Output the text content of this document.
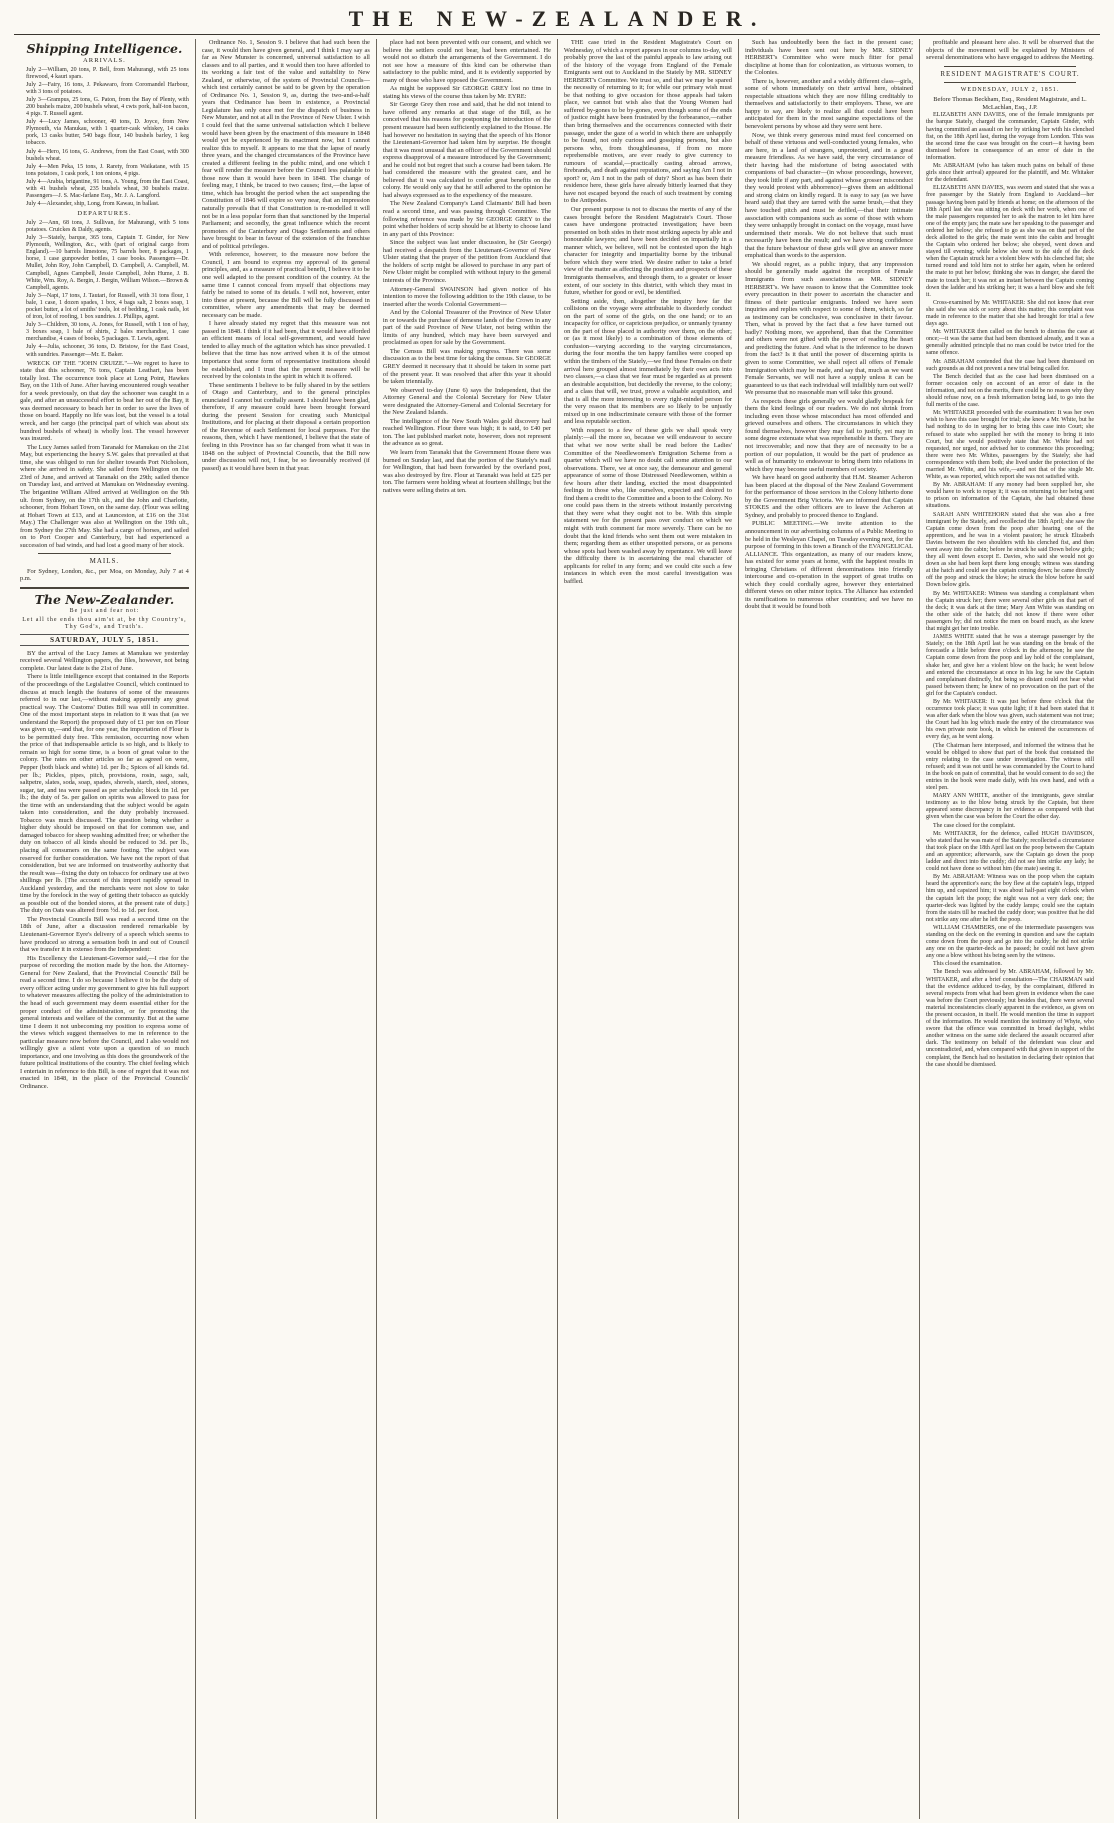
THE NEW-ZEALANDER.
Shipping Intelligence.
ARRIVALS.

July 2—William, 20 tons, P. Bell, from Mahurangi, with 25 tons firewood, 4 kauri spars.

July 2—Fairy, 16 tons, J. Pekawaro, from Coromandel Harbour, with 3 tons of potatoes.

July 3—Grampus, 25 tons, G. Paton, from the Bay of Plenty, with 200 bushels maize, 200 bushels wheat, 4 cwts pork, half-ton bacon, 4 pigs. T. Russell agent.

July 4—Lucy James, schooner, 40 tons, D. Joyce, from New Plymouth, via Manukau, with 1 quarter-cask whiskey, 14 casks pork, 13 casks butter, 540 bags flour, 140 bushels barley, 1 keg tobacco.

July 4—Hero, 16 tons, G. Andrews, from the East Coast, with 300 bushels wheat.

July 4—Men Peka, 15 tons, J. Rarety, from Waikatane, with 15 tons potatoes, 1 cask pork, 1 ton onions, 4 pigs.

July 4—Arabia, brigantine, 91 tons, A. Young, from the East Coast, with 41 bushels wheat, 235 bushels wheat, 30 bushels maize. Passengers—J. S. Mac-farlane Esq., Mr. J. A. Langford.

July 4—Alexander, ship, Long, from Kawau, in ballast.

DEPARTURES.

July 2—Ann, 68 tons, J. Sullivan, for Mahurangi, with 5 tons potatoes. Cruickes & Daldy, agents.

July 3—Stately, barque, 365 tons, Captain T. Ginder, for New Plymouth, Wellington, &c., with (part of original cargo from England).—10 barrels limestone, 75 barrels beer, 8 packages, 1 horse, 1 case gunpowder bottles, 1 case books. Passengers—Dr. Mullet, John Roy, John Campbell, D. Campbell, A. Campbell, M. Campbell, Agnes Campbell, Jessie Campbell, John Hume, J. B. White, Wm. Roy, A. Bergin, J. Bergin, William Wilson.—Brown & Campbell, agents.

July 3—Napi, 17 tons, J. Tautari, for Russell, with 31 tons flour, 1 bale, 1 case, 1 dozen spades, 1 box, 4 bags salt, 2 boxes soap, 1 pocket butter, a lot of smiths' tools, lot of bedding, 1 cask nails, lot of iron, lot of roofing, 1 box sundries. J. Phillips, agent.

July 3—Children, 30 tons, A. Jones, for Russell, with 1 ton of hay, 3 boxes soap, 1 bale of shirts, 2 bales merchandise, 1 case merchandise, 4 cases of books, 5 packages. T. Lewis, agent.

July 4—Julia, schooner, 36 tons, D. Bristow, for the East Coast, with sundries. Passenger—Mr. E. Baker.

WRECK OF THE "JOHN CRUIZE."—We regret to have to state that this schooner, 76 tons, Captain Leathart, has been totally lost. The occurrence took place at Long Point, Hawkes Bay, on the 11th of June. After having encountered rough weather for a week previously, on that day the schooner was caught in a gale, and after an unsuccessful effort to beat her out of the Bay, it was deemed necessary to beach her in order to save the lives of those on board. Happily no life was lost, but the vessel is a total wreck, and her cargo (the principal part of which was about six hundred bushels of wheat) is wholly lost. The vessel however was insured.

The Lucy James sailed from Taranaki for Manukau on the 21st May, but experiencing the heavy S.W. gales that prevailed at that time, she was obliged to run for shelter towards Port Nicholson, where she arrived in safety. She sailed from Wellington on the 23rd of June, and arrived at Taranaki on the 29th; sailed thence on Tuesday last, and arrived at Manukau on Wednesday evening. The brigantine William Alfred arrived at Wellington on the 9th ult. from Sydney, on the 17th ult., and the John and Charlotte, schooner, from Hobart Town, on the same day. (Flour was selling at Hobart Town at £13, and at Launceston, at £16 on the 31st May.) The Challenger was also at Wellington on the 19th ult., from Sydney the 27th May. She had a cargo of horses, and sailed on to Port Cooper and Canterbury, but had experienced a succession of bad winds, and had lost a good many of her stock.

MAILS.

For Sydney, London, &c., per Moa, on Monday, July 7 at 4 p.m.

The New-Zealander.
Be just and fear not:
Let all the ends thou aim'st at, be thy Country's, Thy God's, and Truth's.
SATURDAY, JULY 5, 1851.

BY the arrival of the Lucy James at Manukau we yesterday received several Wellington papers, the files, however, not being complete. Our latest date is the 21st of June.

There is little intelligence except that contained in the Reports of the proceedings of the Legislative Council, which continued to discuss at much length the features of some of the measures referred to in our last,—without making apparently any great practical way. The Customs' Duties Bill was still in committee. One of the most important steps in relation to it was that (as we understand the Report) the proposed duty of £1 per ton on Flour was given up,—and that, for one year, the importation of Flour is to be permitted duty free. This remission, occurring now when the price of that indispensable article is so high, and is likely to remain so high for some time, is a boon of great value to the colony. The rates on other articles so far as agreed on were, Pepper (both black and white) 1d. per lb.; Spices of all kinds 6d. per lb.; Pickles, pipes, pitch, provisions, rosin, sago, salt, saltpetre, slates, soda, soap, spades, shovels, starch, steel, stones, sugar, tar, and tea were passed as per schedule; block tin 1d. per lb.; the duty of 5s. per gallon on spirits was allowed to pass for the time with an understanding that the subject would be again taken into consideration, and the duty probably increased. Tobacco was much discussed. The question being whether a higher duty should be imposed on that for common use, and damaged tobacco for sheep washing admitted free; or whether the duty on tobacco of all kinds should be reduced to 3d. per lb., placing all consumers on the same footing. The subject was reserved for further consideration. We have not the report of that consideration, but we are informed on trustworthy authority that the result was—fixing the duty on tobacco for ordinary use at two shillings per lb. [The account of this import rapidly spread in Auckland yesterday, and the merchants were not slow to take time by the forelock in the way of getting their tobacco as quickly as possible out of the bonded stores, at the present rate of duty.] The duty on Oats was altered from ½d. to 1d. per foot.

The Provincial Councils Bill was read a second time on the 18th of June, after a discussion rendered remarkable by Lieutenant-Governor Eyre's delivery of a speech which seems to have produced so strong a sensation both in and out of Council that we transfer it in extenso from the Independent:

His Excellency the Lieutenant-Governor said,—I rise for the purpose of recording the motion made by the hon. the Attorney-General for New Zealand, that the Provincial Councils' Bill be read a second time. I do so because I believe it to be the duty of every officer acting under my government to give his full support to whatever measures affecting the policy of the administration to the head of such government may deem essential either for the proper conduct of the administration, or for promoting the general interests and welfare of the community. But at the same time I deem it not unbecoming my position to express some of the views which suggest themselves to me in reference to the particular measure now before the Council, and I also would not willingly give a silent vote upon a question of so much importance, and one involving as this does the groundwork of the future political institutions of the country. The chief feeling which I entertain in reference to this Bill, is one of regret that it was not enacted in 1848, in the place of the Provincial Councils' Ordinance.

Ordinance No. 1, Session 9. I believe that had such been the case, it would then have given general, and I think I may say as far as New Munster is concerned, universal satisfaction to all classes and to all parties, and it would then too have afforded to its working a fair test of the value and suitability to New Zealand, or otherwise, of the system of Provincial Councils—which test certainly cannot be said to be given by the operation of Ordinance No. 1, Session 9, as, during the two-and-a-half years that Ordinance has been in existence, a Provincial Legislature has only once met for the dispatch of business in New Munster, and not at all in the Province of New Ulster. I wish I could feel that the same universal satisfaction which I believe would have been given by the enactment of this measure in 1848 would yet be experienced by its enactment now, but I cannot realize this to myself. It appears to me that the lapse of nearly three years, and the changed circumstances of the Province have created a different feeling in the public mind, and one which I fear will render the measure before the Council less palatable to those now than it would have been in 1848. The change of feeling may, I think, be traced to two causes; first,—the lapse of time, which has brought the period when the act suspending the Constitution of 1846 will expire so very near, that an impression naturally prevails that if that Constitution is re-modelled it will not be in a less popular form than that sanctioned by the Imperial Parliament; and secondly, the great influence which the recent promoters of the Canterbury and Otago Settlements and others have brought to bear in favour of the extension of the franchise and of political privileges.

With reference, however, to the measure now before the Council, I am bound to express my approval of its general principles, and, as a measure of practical benefit, I believe it to be one well adapted to the present condition of the country. At the same time I cannot conceal from myself that objections may fairly be raised to some of its details. I will not, however, enter into these at present, because the Bill will be fully discussed in committee, where any amendments that may be deemed necessary can be made.

I have already stated my regret that this measure was not passed in 1848. I think if it had been, that it would have afforded an efficient means of local self-government, and would have tended to allay much of the agitation which has since prevailed. I believe that the time has now arrived when it is of the utmost importance that some form of representative institutions should be established, and I trust that the present measure will be received by the colonists in the spirit in which it is offered.

These sentiments I believe to be fully shared in by the settlers of Otago and Canterbury, and to the general principles enunciated I cannot but cordially assent. I should have been glad, therefore, if any measure could have been brought forward during the present Session for creating such Municipal Institutions, and for placing at their disposal a certain proportion of the Revenue of each Settlement for local purposes. For the reasons, then, which I have mentioned, I believe that the state of feeling in this Province has so far changed from what it was in 1848 on the subject of Provincial Councils, that the Bill now under discussion will not, I fear, be so favourably received (if passed) as it would have been in that year.

place had not been prevented with our consent, and which we believe the settlers could not bear, had been entertained. He would not so disturb the arrangements of the Government. I do not see how a measure of this kind can be otherwise than satisfactory to the public mind, and it is evidently supported by many of those who have opposed the Government.

As might be supposed Sir GEORGE GREY lost no time in stating his views of the course thus taken by Mr. EYRE:

Sir George Grey then rose and said, that he did not intend to have offered any remarks at that stage of the Bill, as he conceived that his reasons for postponing the introduction of the present measure had been sufficiently explained to the House. He had however no hesitation in saying that the speech of his Honor the Lieutenant-Governor had taken him by surprise. He thought that it was most unusual that an officer of the Government should express disapproval of a measure introduced by the Government; and he could not but regret that such a course had been taken. He had considered the measure with the greatest care, and he believed that it was calculated to confer great benefits on the colony. He would only say that he still adhered to the opinion he had always expressed as to the expediency of the measure.

The New Zealand Company's Land Claimants' Bill had been read a second time, and was passing through Committee. The following reference was made by Sir GEORGE GREY to the point whether holders of scrip should be at liberty to choose land in any part of this Province:

Since the subject was last under discussion, he (Sir George) had received a despatch from the Lieutenant-Governor of New Ulster stating that the prayer of the petition from Auckland that the holders of scrip might be allowed to purchase in any part of New Ulster might be complied with without injury to the general interests of the Province.

Attorney-General SWAINSON had given notice of his intention to move the following addition to the 19th clause, to be inserted after the words Colonial Government—

And by the Colonial Treasurer of the Province of New Ulster in or towards the purchase of demesne lands of the Crown in any part of the said Province of New Ulster, not being within the limits of any hundred, which may have been surveyed and proclaimed as open for sale by the Government.

The Census Bill was making progress. There was some discussion as to the best time for taking the census. Sir GEORGE GREY deemed it necessary that it should be taken in some part of the present year. It was resolved that after this year it should be taken triennially.

We observed to-day (June 6) says the Independent, that the Attorney General and the Colonial Secretary for New Ulster were designated the Attorney-General and Colonial Secretary for the New Zealand Islands.

The intelligence of the New South Wales gold discovery had reached Wellington. Flour there was high; it is said, to £40 per ton. The last published market note, however, does not represent the advance as so great.

We learn from Taranaki that the Government House there was burned on Sunday last, and that the portion of the Stately's mail for Wellington, that had been forwarded by the overland post, was also destroyed by fire. Flour at Taranaki was held at £25 per ton. The farmers were holding wheat at fourteen shillings; but the natives were selling theirs at ten.

THE case tried in the Resident Magistrate's Court on Wednesday, of which a report appears in our columns to-day, will probably prove the last of the painful appeals to law arising out of the history of the voyage from England of the Female Emigrants sent out to Auckland in the Stately by MR. SIDNEY HERBERT's Committee. We trust so, and that we may be spared the necessity of returning to it; for while our primary wish must be that nothing to give occasion for those appeals had taken place, we cannot but wish also that the Young Women had suffered by-gones to be by-gones, even though some of the ends of justice might have been frustrated by the forbearance,—rather than bring themselves and the occurrences connected with their passage, under the gaze of a world in which there are unhappily to be found, not only curious and gossiping persons, but also persons who, from thoughtlessness, if from no more reprehensible motives, are ever ready to give currency to rumours of scandal,—practically casting abroad arrows, firebrands, and death against reputations, and saying Am I not in sport? or, Am I not in the path of duty? Short as has been their residence here, these girls have already bitterly learned that they have not escaped beyond the reach of such treatment by coming to the Antipodes.

Our present purpose is not to discuss the merits of any of the cases brought before the Resident Magistrate's Court. Those cases have undergone protracted investigation; have been presented on both sides in their most striking aspects by able and honourable lawyers; and have been decided on impartially in a manner which, we believe, will not be contested upon the high character for integrity and impartiality borne by the tribunal before which they were tried. We desire rather to take a brief view of the matter as affecting the position and prospects of these Immigrants themselves, and through them, to a greater or lesser extent, of our society in this district, with which they must in future, whether for good or evil, be identified.

Setting aside, then, altogether the inquiry how far the collisions on the voyage were attributable to disorderly conduct on the part of some of the girls, on the one hand; or to an incapacity for office, or capricious prejudice, or unmanly tyranny on the part of those placed in authority over them, on the other; or (as it most likely) to a combination of those elements of confusion—varying according to the varying circumstances, during the four months the ten happy families were cooped up within the timbers of the Stately,—we find these Females on their arrival here grouped almost immediately by their own acts into two classes,—a class that we fear must be regarded as at present an desirable acquisition, but decidedly the reverse, to the colony; and a class that will, we trust, prove a valuable acquisition, and that is all the more interesting to every right-minded person for the very reason that its members are so likely to be unjustly mixed up in one indiscriminate censure with those of the former and less reputable section.

With respect to a few of these girls we shall speak very plainly:—all the more so, because we will endeavour to secure that what we now write shall be read before the Ladies' Committee of the Needlewomen's Emigration Scheme from a quarter which will we have no doubt call some attention to our observations. There, we at once say, the demeanour and general appearance of some of those Distressed Needlewomen, within a few hours after their landing, excited the most disappointed feelings in those who, like ourselves, expected and desired to find them a credit to the Committee and a boon to the Colony. No one could pass them in the streets without instantly perceiving that they were what they ought not to be. With this simple statement we for the present pass over conduct on which we might with truth comment far more severely. There can be no doubt that the kind friends who sent them out were mistaken in them; regarding them as either unspotted persons, or as persons whose spots had been washed away by repentance. We will leave the difficulty there is in ascertaining the real character of applicants for relief in any form; and we could cite such a few instances in which even the most careful investigation was baffled.

Such has undoubtedly been the fact in the present case; individuals have been sent out here by MR. SIDNEY HERBERT's Committee who were much fitter for penal discipline at home than for colonization, as virtuous women, to the Colonies.

There is, however, another and a widely different class—girls, some of whom immediately on their arrival here, obtained respectable situations which they are now filling creditably to themselves and satisfactorily to their employers. These, we are happy to say, are likely to realize all that could have been anticipated for them in the most sanguine expectations of the benevolent persons by whose aid they were sent here.

Now, we think every generous mind must feel concerned on behalf of these virtuous and well-conducted young females, who are here, in a land of strangers, unprotected, and in a great measure friendless. As we have said, the very circumstance of their having had the misfortune of being associated with companions of bad character—(in whose proceedings, however, they took little if any part, and against whose grosser misconduct they would protest with abhorrence)—gives them an additional and strong claim on kindly regard. It is easy to say (as we have heard said) that they are tarred with the same brush,—that they have touched pitch and must be defiled,—that their intimate association with companions such as some of those with whom they were unhappily brought in contact on the voyage, must have undermined their morals. We do not believe that such must necessarily have been the result; and we have strong confidence that the future behaviour of these girls will give an answer more emphatical than words to the aspersion.

We should regret, as a public injury, that any impression should be generally made against the reception of Female Immigrants from such associations as MR. SIDNEY HERBERT's. We have reason to know that the Committee took every precaution in their power to ascertain the character and fitness of their particular emigrants. Indeed we have seen inquiries and replies with respect to some of them, which, so far as testimony can be conclusive, was conclusive in their favour. Then, what is proved by the fact that a few have turned out badly? Nothing more, we apprehend, than that the Committee and others were not gifted with the power of reading the heart and predicting the future. And what is the inference to be drawn from the fact? Is it that until the power of discerning spirits is given to some Committee, we shall reject all offers of Female Immigration which may be made, and say that, much as we want Female Servants, we will not have a supply unless it can be guaranteed to us that each individual will infallibly turn out well? We presume that no reasonable man will take this ground.

As respects these girls generally we would gladly bespeak for them the kind feelings of our readers. We do not shrink from including even those whose misconduct has most offended and grieved ourselves and others. The circumstances in which they found themselves, however they may fail to justify, yet may in some degree extenuate what was reprehensible in them. They are not irrecoverable; and now that they are of necessity to be a portion of our population, it would be the part of prudence as well as of humanity to endeavour to bring them into relations in which they may become useful members of society.

We have heard on good authority that H.M. Steamer Acheron has been placed at the disposal of the New Zealand Government for the performance of those services in the Colony hitherto done by the Government Brig Victoria. We are informed that Captain STOKES and the other officers are to leave the Acheron at Sydney, and probably to proceed thence to England.

PUBLIC MEETING.—We invite attention to the announcement in our advertising columns of a Public Meeting to be held in the Wesleyan Chapel, on Tuesday evening next, for the purpose of forming in this town a Branch of the EVANGELICAL ALLIANCE. This organization, as many of our readers know, has existed for some years at home, with the happiest results in bringing Christians of different denominations into friendly intercourse and co-operation in the support of great truths on which they could cordially agree, however they entertained different views on other minor topics. The Alliance has extended its ramifications to numerous other countries; and we have no doubt that it would be found both

profitable and pleasant here also. It will be observed that the objects of the movement will be explained by Ministers of several denominations who have engaged to address the Meeting.

RESIDENT MAGISTRATE'S COURT.
WEDNESDAY, JULY 2, 1851.

Before Thomas Beckham, Esq., Resident Magistrate, and L. McLachlan, Esq., J.P.

ELIZABETH ANN DAVIES, one of the female immigrants per the barque Stately, charged the commander, Captain Ginder, with having committed an assault on her by striking her with his clenched fist, on the 18th April last, during the voyage from London. This was the second time the case was brought on the court—it having been dismissed before in consequence of an error of date in the information.

Mr. ABRAHAM (who has taken much pains on behalf of these girls since their arrival) appeared for the plaintiff, and Mr. Whitaker for the defendant.

ELIZABETH ANN DAVIES, was sworn and stated that she was a free passenger by the Stately from England to Auckland—her passage having been paid by friends at home; on the afternoon of the 18th April last she was sitting on deck with her work, when one of the male passengers requested her to ask the matron to let him have one of the empty jars; the mate saw her speaking to the passenger and ordered her below; she refused to go as she was on that part of the deck allotted to the girls; the mate went into the cabin and brought the Captain who ordered her below; she obeyed, went down and stayed till evening; while below she went to the side of the deck when the Captain struck her a violent blow with his clenched fist; she turned round and told him not to strike her again, when he ordered the mate to put her below; thinking she was in danger, she dared the mate to touch her; it was not an instant between the Captain coming down the ladder and his striking her; it was a hard blow and she felt it.

Cross-examined by Mr. WHITAKER: She did not know that ever she said she was sick or sorry about this matter; this complaint was made in reference to the matter that she had brought for trial a few days ago.

Mr. WHITAKER then called on the bench to dismiss the case at once;—it was the same that had been dismissed already, and it was a generally admitted principle that no man could be twice tried for the same offence.

Mr. ABRAHAM contended that the case had been dismissed on such grounds as did not prevent a new trial being called for.

The Bench decided that as the case had been dismissed on a former occasion only on account of an error of date in the information, and not on the merits, there could be no reason why they should refuse now, on a fresh information being laid, to go into the full merits of the case.

Mr. WHITAKER proceeded with the examination: It was her own wish to have this case brought for trial; she knew a Mr. White, but he had nothing to do in urging her to bring this case into Court; she refused to state who supplied her with the money to bring it into Court, but she would positively state that Mr. White had not requested, nor urged, nor advised her to commence this proceeding; there were two Mr. Whites, passengers by the Stately; she had correspondence with them both; she lived under the protection of the married Mr. White, and his wife,—and not that of the single Mr. White, as was reported, which report she was not satisfied with.

By Mr. ABRAHAM: If any money had been supplied her, she would have to work to repay it; it was on returning to her being sent to prison on information of the Captain, she had obtained these situations.

SARAH ANN WHITEHORN stated that she was also a free immigrant by the Stately, and recollected the 18th April; she saw the Captain come down from the poop after hearing one of the apprentices, and he was in a violent passion; he struck Elizabeth Davies between the two shoulders with his clenched fist, and then went away into the cabin; before he struck he said Down below girls; they all went down except E. Davies, who said she would not go down as she had been kept there long enough; witness was standing at the hatch and could see the captain coming down; he came directly off the poop and struck the blow; he struck the blow before he said Down below girls.

By Mr. WHITAKER: Witness was standing a complainant when the Captain struck her; there were several other girls on that part of the deck; it was dark at the time; Mary Ann White was standing on the other side of the hatch; did not know if there were other passengers by; did not notice the men on board much, as she knew that might get her into trouble.

JAMES WHITE stated that he was a steerage passenger by the Stately; on the 18th April last he was standing on the break of the forecastle a little before three o'clock in the afternoon; he saw the Captain come down from the poop and lay hold of the complainant, shake her, and give her a violent blow on the back; he went below and entered the circumstance at once in his log; he saw the Captain and complainant distinctly, but being so distant could not hear what passed between them; he knew of no provocation on the part of the girl for the Captain's conduct.

By Mr. WHITAKER: It was just before three o'clock that the occurrence took place; it was quite light; if it had been stated that it was after dark when the blow was given, such statement was not true; the Court had his log which made the entry of the circumstance was his own private note book, in which he entered the occurrences of every day, as he went along.

(The Chairman here interposed, and informed the witness that he would be obliged to show that part of the book that contained the entry relating to the case under investigation. The witness still refused; and it was not until he was commanded by the Court to hand in the book on pain of committal, that he would consent to do so;) the entries in the book were made daily, with his own hand, and with a steel pen.

MARY ANN WHITE, another of the immigrants, gave similar testimony as to the blow being struck by the Captain, but there appeared some discrepancy in her evidence as compared with that given when the case was before the Court the other day.

The case closed for the complaint.

Mr. WHITAKER, for the defence, called HUGH DAVIDSON, who stated that he was mate of the Stately; recollected a circumstance that took place on the 18th April last on the poop between the Captain and an apprentice; afterwards, saw the Captain go down the poop ladder and direct into the cuddy; did not see him strike any lady; he could not have done so without him (the mate) seeing it.

By Mr. ABRAHAM: Witness was on the poop when the captain heard the apprentice's ears; the boy flew at the captain's legs, tripped him up, and capsized him; it was about half-past eight o'clock when the captain left the poop; the night was not a very dark one; the quarter-deck was lighted by the cuddy lamps; could see the captain from the stairs till he reached the cuddy door; was positive that he did not strike any one after he left the poop.

WILLIAM CHAMBERS, one of the intermediate passengers was standing on the deck on the evening in question and saw the captain come down from the poop and go into the cuddy; he did not strike any one on the quarter-deck as he passed; he could not have given any one a blow without his being seen by the witness.

This closed the examination.

The Bench was addressed by Mr. ABRAHAM, followed by Mr. WHITAKER, and after a brief consultation—The CHAIRMAN said that the evidence adduced to-day, by the complainant, differed in several respects from what had been given in evidence when the case was before the Court previously; but besides that, there were several material inconsistencies clearly apparent in the evidence, as given on the present occasion, in itself. He would mention the time in support of the information. He would mention the testimony of Whyte, who swore that the offence was committed in broad daylight, whilst another witness on the same side declared the assault occurred after dark. The testimony on behalf of the defendant was clear and uncontradicted, and, when compared with that given in support of the complaint, the Bench had no hesitation in declaring their opinion that the case should be dismissed.
